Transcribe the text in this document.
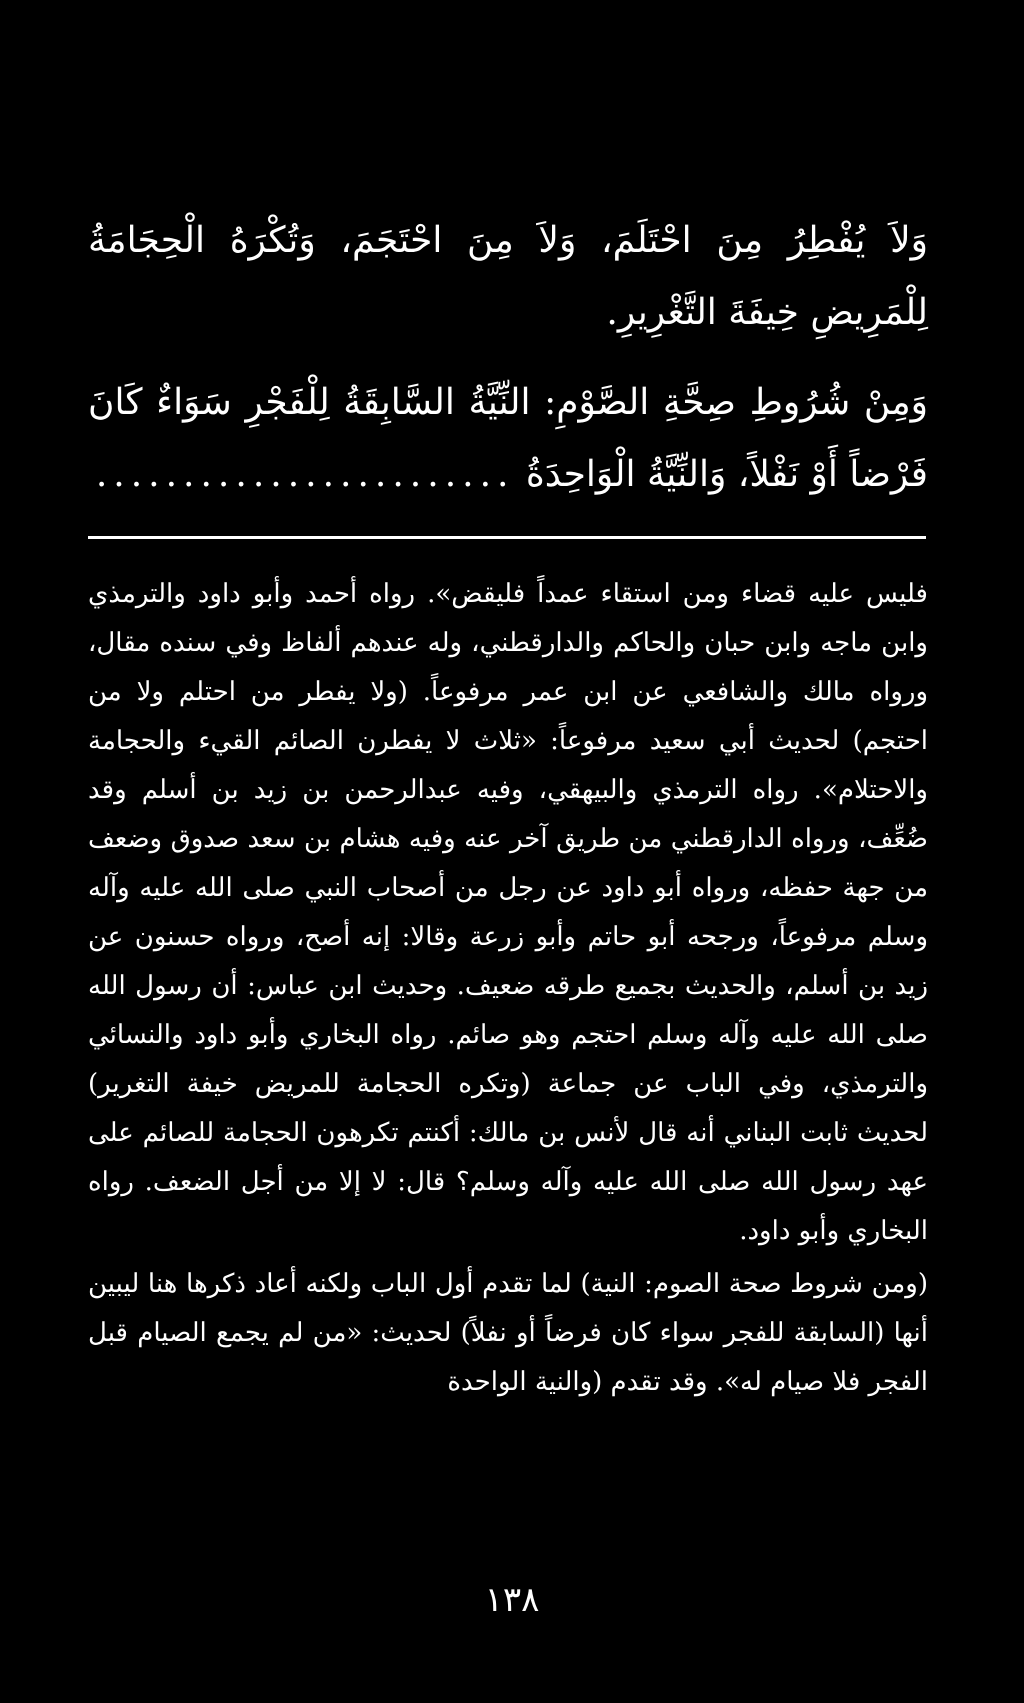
وَلاَ يُفْطِرُ مِنَ احْتَلَمَ، وَلاَ مِنَ احْتَجَمَ، وَتُكْرَهُ الْحِجَامَةُ لِلْمَرِيضِ خِيفَةَ التَّغْرِيرِ.

وَمِنْ شُرُوطِ صِحَّةِ الصَّوْمِ: النِّيَّةُ السَّابِقَةُ لِلْفَجْرِ سَوَاءٌ كَانَ فَرْضاً أَوْ نَفْلاً، وَالنِّيَّةُ الْوَاحِدَةُ ........................

فليس عليه قضاء ومن استقاء عمداً فليقض». رواه أحمد وأبو داود والترمذي وابن ماجه وابن حبان والحاكم والدارقطني، وله عندهم ألفاظ وفي سنده مقال، ورواه مالك والشافعي عن ابن عمر مرفوعاً. (ولا يفطر من احتلم ولا من احتجم) لحديث أبي سعيد مرفوعاً: «ثلاث لا يفطرن الصائم القيء والحجامة والاحتلام». رواه الترمذي والبيهقي، وفيه عبدالرحمن بن زيد بن أسلم وقد ضُعِّف، ورواه الدارقطني من طريق آخر عنه وفيه هشام بن سعد صدوق وضعف من جهة حفظه، ورواه أبو داود عن رجل من أصحاب النبي صلى الله عليه وآله وسلم مرفوعاً، ورجحه أبو حاتم وأبو زرعة وقالا: إنه أصح، ورواه حسنون عن زيد بن أسلم، والحديث بجميع طرقه ضعيف. وحديث ابن عباس: أن رسول الله صلى الله عليه وآله وسلم احتجم وهو صائم. رواه البخاري وأبو داود والنسائي والترمذي، وفي الباب عن جماعة (وتكره الحجامة للمريض خيفة التغرير) لحديث ثابت البناني أنه قال لأنس بن مالك: أكنتم تكرهون الحجامة للصائم على عهد رسول الله صلى الله عليه وآله وسلم؟ قال: لا إلا من أجل الضعف. رواه البخاري وأبو داود.

(ومن شروط صحة الصوم: النية) لما تقدم أول الباب ولكنه أعاد ذكرها هنا ليبين أنها (السابقة للفجر سواء كان فرضاً أو نفلاً) لحديث: «من لم يجمع الصيام قبل الفجر فلا صيام له». وقد تقدم (والنية الواحدة

١٣٨
